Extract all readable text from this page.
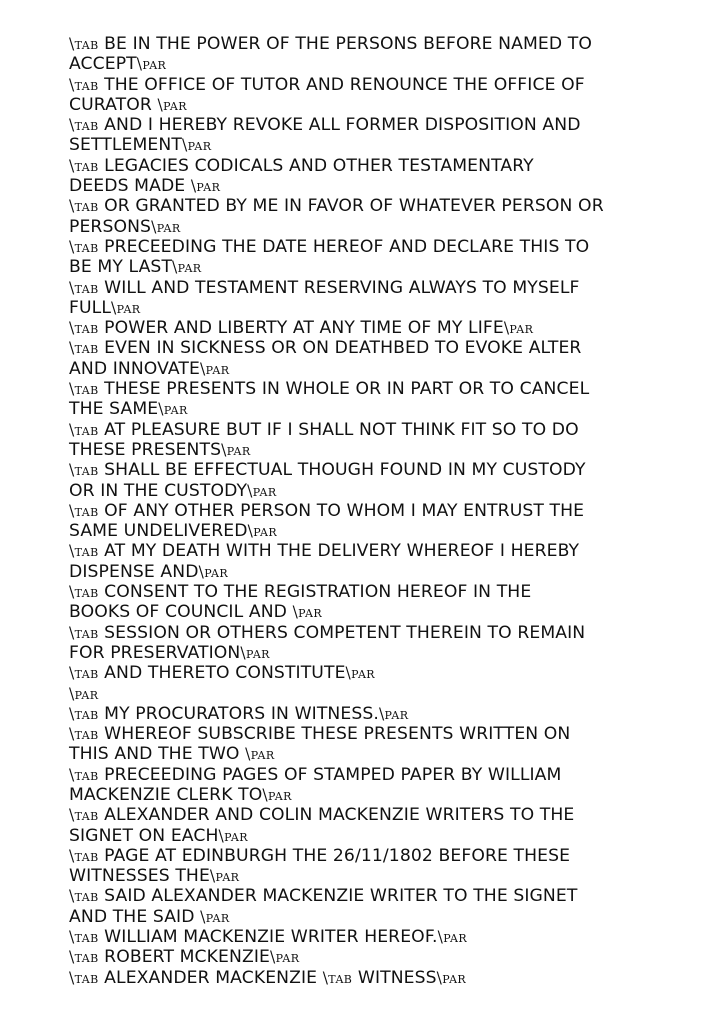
\tab BE IN THE POWER OF THE PERSONS BEFORE NAMED TO
ACCEPT\par
\tab THE OFFICE OF TUTOR AND RENOUNCE THE OFFICE OF
CURATOR \par
\tab AND I HEREBY REVOKE ALL FORMER DISPOSITION AND
SETTLEMENT\par
\tab LEGACIES CODICALS AND OTHER TESTAMENTARY
DEEDS MADE \par
\tab OR GRANTED BY ME IN FAVOR OF WHATEVER PERSON OR
PERSONS\par
\tab PRECEEDING THE DATE HEREOF AND DECLARE THIS TO
BE MY LAST\par
\tab WILL AND TESTAMENT RESERVING ALWAYS TO MYSELF
FULL\par
\tab POWER AND LIBERTY AT ANY TIME OF MY LIFE\par
\tab EVEN IN SICKNESS OR ON DEATHBED TO EVOKE ALTER
AND INNOVATE\par
\tab THESE PRESENTS IN WHOLE OR IN PART OR TO CANCEL
THE SAME\par
\tab AT PLEASURE BUT IF I SHALL NOT THINK FIT SO TO DO
THESE PRESENTS\par
\tab SHALL BE EFFECTUAL THOUGH FOUND IN MY CUSTODY
OR IN THE CUSTODY\par
\tab OF ANY OTHER PERSON TO WHOM I MAY ENTRUST THE
SAME UNDELIVERED\par
\tab AT MY DEATH WITH THE DELIVERY WHEREOF I HEREBY
DISPENSE AND\par
\tab CONSENT TO THE REGISTRATION HEREOF IN THE
BOOKS OF COUNCIL AND \par
\tab SESSION OR OTHERS COMPETENT THEREIN TO REMAIN
FOR PRESERVATION\par
\tab AND THERETO CONSTITUTE\par
\par
\tab MY PROCURATORS IN WITNESS.\par
\tab WHEREOF SUBSCRIBE THESE PRESENTS WRITTEN ON
THIS AND THE TWO \par
\tab PRECEEDING PAGES OF STAMPED PAPER BY WILLIAM
MACKENZIE CLERK TO\par
\tab ALEXANDER AND COLIN MACKENZIE WRITERS TO THE
SIGNET ON EACH\par
\tab PAGE AT EDINBURGH THE 26/11/1802 BEFORE THESE
WITNESSES THE\par
\tab SAID ALEXANDER MACKENZIE WRITER TO THE SIGNET
AND THE SAID \par
\tab WILLIAM MACKENZIE WRITER HEREOF.\par
\tab ROBERT MCKENZIE\par
\tab ALEXANDER MACKENZIE \tab WITNESS\par
